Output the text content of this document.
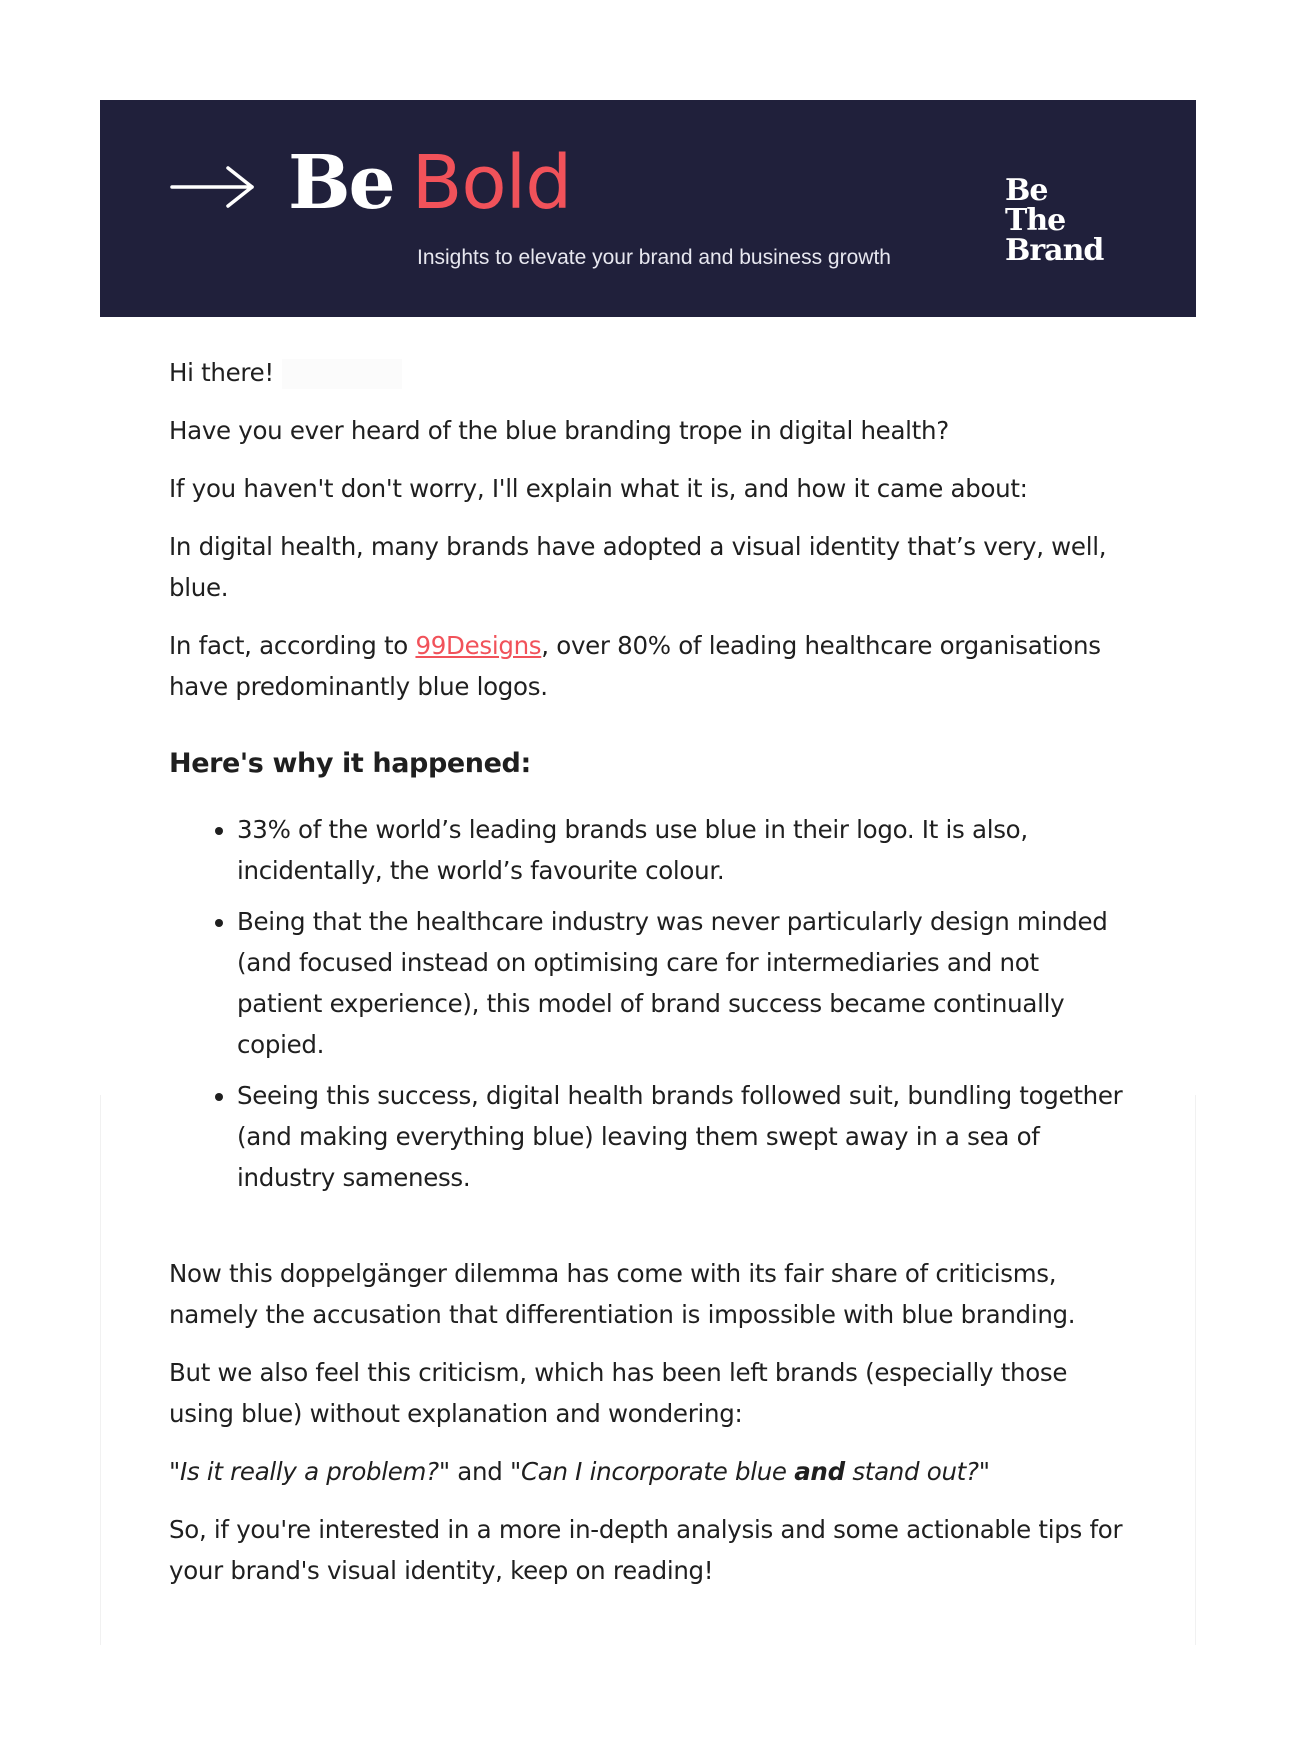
Be Bold
Insights to elevate your brand and business growth
Be
The
Brand

Hi there!

Have you ever heard of the blue branding trope in digital health?

If you haven't don't worry, I'll explain what it is, and how it came about:

In digital health, many brands have adopted a visual identity that’s very, well, blue.

In fact, according to 99Designs, over 80% of leading healthcare organisations have predominantly blue logos.

Here's why it happened:
• 33% of the world’s leading brands use blue in their logo. It is also, incidentally, the world’s favourite colour.
• Being that the healthcare industry was never particularly design minded (and focused instead on optimising care for intermediaries and not patient experience), this model of brand success became continually copied.
• Seeing this success, digital health brands followed suit, bundling together (and making everything blue) leaving them swept away in a sea of industry sameness.

Now this doppelgänger dilemma has come with its fair share of criticisms, namely the accusation that differentiation is impossible with blue branding.

But we also feel this criticism, which has been left brands (especially those using blue) without explanation and wondering:

"Is it really a problem?" and "Can I incorporate blue and stand out?"

So, if you're interested in a more in-depth analysis and some actionable tips for your brand's visual identity, keep on reading!
